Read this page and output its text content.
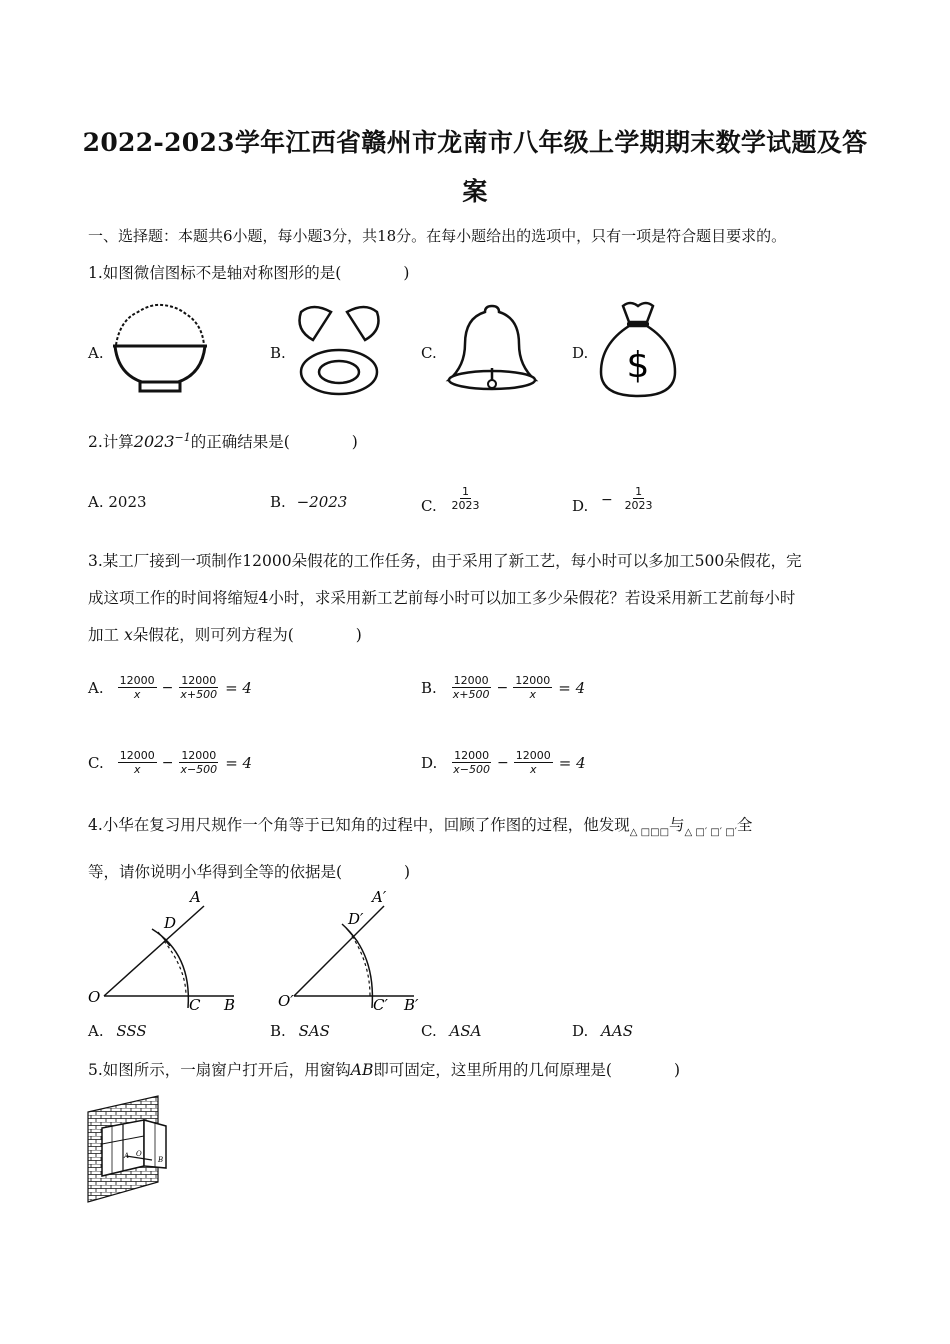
2022-2023学年江西省赣州市龙南市八年级上学期期末数学试题及答
案
一、选择题：本题共6小题，每小题3分，共18分。在每小题给出的选项中，只有一项是符合题目要求的。
1.如图微信图标不是轴对称图形的是(　　　　)
A.	B.	C.	D. $
2.计算$2023^{-1}$的正确结果是(　　　　)
A. 2023	B. −2023	C. $\frac{1}{2023}$	D. − $\frac{1}{2023}$
3.某工厂接到一项制作12000朵假花的工作任务，由于采用了新工艺，每小时可以多加工500朵假花，完
成这项工作的时间将缩短4小时，求采用新工艺前每小时可以加工多少朵假花？若设采用新工艺前每小时
加工 x朵假花，则可列方程为(　　　　)
A. $\frac{12000}{x} - \frac{12000}{x+500} = 4$	B. $\frac{12000}{x+500} - \frac{12000}{x} = 4$
C. $\frac{12000}{x} - \frac{12000}{x-500} = 4$	D. $\frac{12000}{x-500} - \frac{12000}{x} = 4$
4.小华在复习用尺规作一个角等于已知角的过程中，回顾了作图的过程，他发现$_{\triangle □□□}$与$_{\triangle □' □' □'}$全
等，请你说明小华得到全等的依据是(　　　　)
A
D
O	C B
A′
D′
O′	C′ B′
A. SSS	B. SAS	C. ASA	D. AAS
5.如图所示，一扇窗户打开后，用窗钩AB即可固定，这里所用的几何原理是(　　　　)
A O
B
